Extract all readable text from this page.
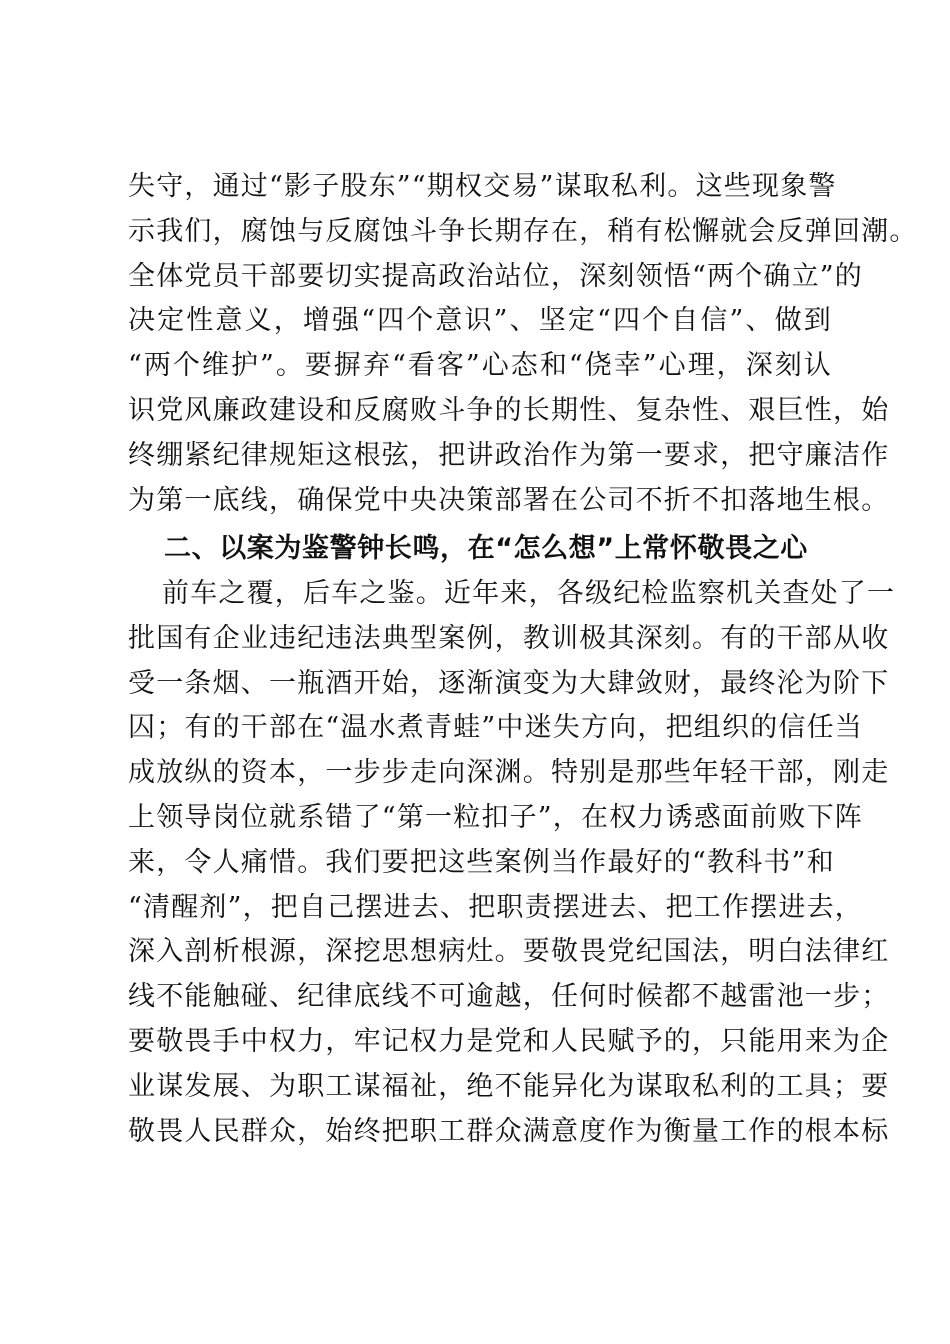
失守，通过“影子股东”“期权交易”谋取私利。这些现象警
示我们，腐蚀与反腐蚀斗争长期存在，稍有松懈就会反弹回潮。
全体党员干部要切实提高政治站位，深刻领悟“两个确立”的
决定性意义，增强“四个意识”、坚定“四个自信”、做到
“两个维护”。要摒弃“看客”心态和“侥幸”心理，深刻认
识党风廉政建设和反腐败斗争的长期性、复杂性、艰巨性，始
终绷紧纪律规矩这根弦，把讲政治作为第一要求，把守廉洁作
为第一底线，确保党中央决策部署在公司不折不扣落地生根。
二、以案为鉴警钟长鸣，在“怎么想”上常怀敬畏之心
前车之覆，后车之鉴。近年来，各级纪检监察机关查处了一
批国有企业违纪违法典型案例，教训极其深刻。有的干部从收
受一条烟、一瓶酒开始，逐渐演变为大肆敛财，最终沦为阶下
囚；有的干部在“温水煮青蛙”中迷失方向，把组织的信任当
成放纵的资本，一步步走向深渊。特别是那些年轻干部，刚走
上领导岗位就系错了“第一粒扣子”，在权力诱惑面前败下阵
来，令人痛惜。我们要把这些案例当作最好的“教科书”和
“清醒剂”，把自己摆进去、把职责摆进去、把工作摆进去，
深入剖析根源，深挖思想病灶。要敬畏党纪国法，明白法律红
线不能触碰、纪律底线不可逾越，任何时候都不越雷池一步；
要敬畏手中权力，牢记权力是党和人民赋予的，只能用来为企
业谋发展、为职工谋福祉，绝不能异化为谋取私利的工具；要
敬畏人民群众，始终把职工群众满意度作为衡量工作的根本标
